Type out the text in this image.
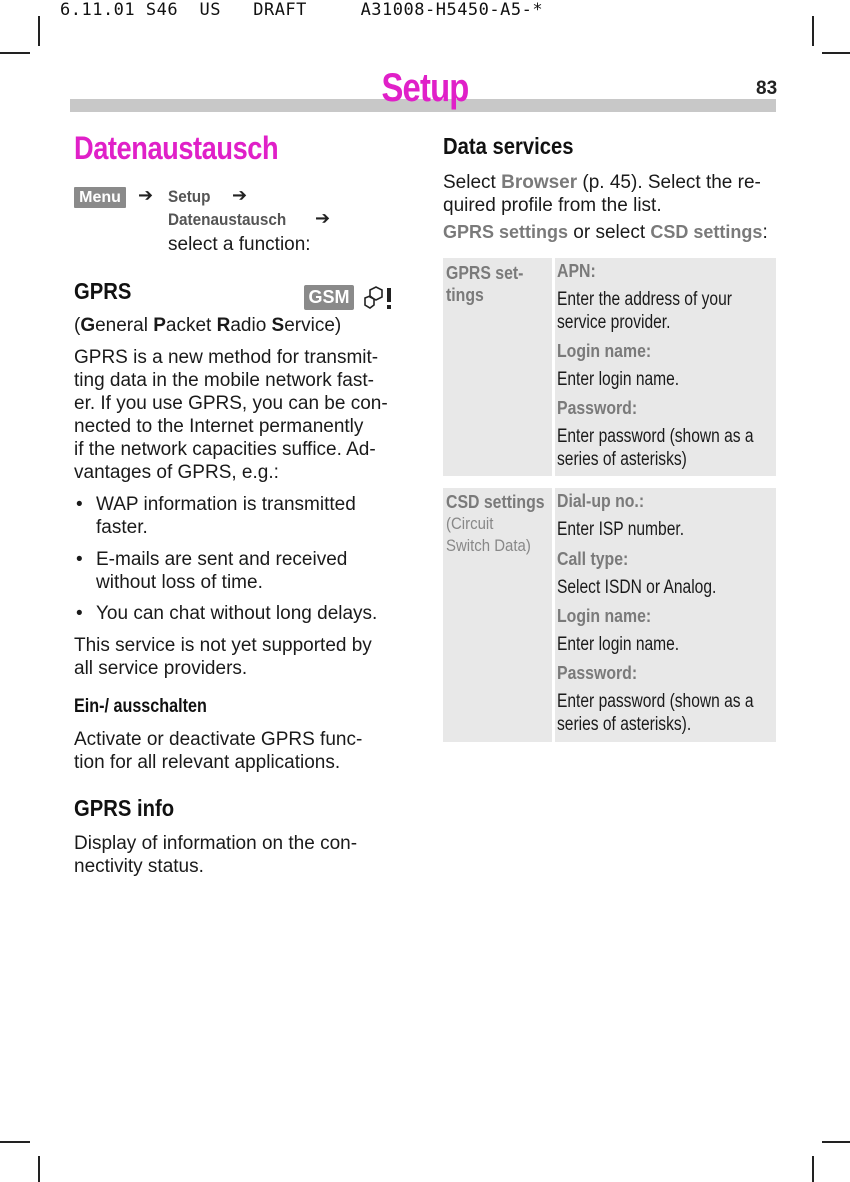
6.11.01 S46  US   DRAFT     A31008-H5450-A5-*
Setup	83
Datenaustausch
Menu ➔ Setup ➔
Datenaustausch ➔
select a function:
GPRS	GSM
(General Packet Radio Service)
GPRS is a new method for transmit-
ting data in the mobile network fast-
er. If you use GPRS, you can be con-
nected to the Internet permanently
if the network capacities suffice. Ad-
vantages of GPRS, e.g.:
• WAP information is transmitted
faster.
• E-mails are sent and received
without loss of time.
• You can chat without long delays.
This service is not yet supported by
all service providers.
Ein-/ ausschalten
Activate or deactivate GPRS func-
tion for all relevant applications.
GPRS info
Display of information on the con-
nectivity status.
Data services
Select Browser (p. 45). Select the re-
quired profile from the list.
GPRS settings or select CSD settings:
GPRS set-
tings
APN:
Enter the address of your service provider.
Login name:
Enter login name.
Password:
Enter password (shown as a series of asterisks)
CSD settings
(Circuit
Switch Data)
Dial-up no.:
Enter ISP number.
Call type:
Select ISDN or Analog.
Login name:
Enter login name.
Password:
Enter password (shown as a series of asterisks).
